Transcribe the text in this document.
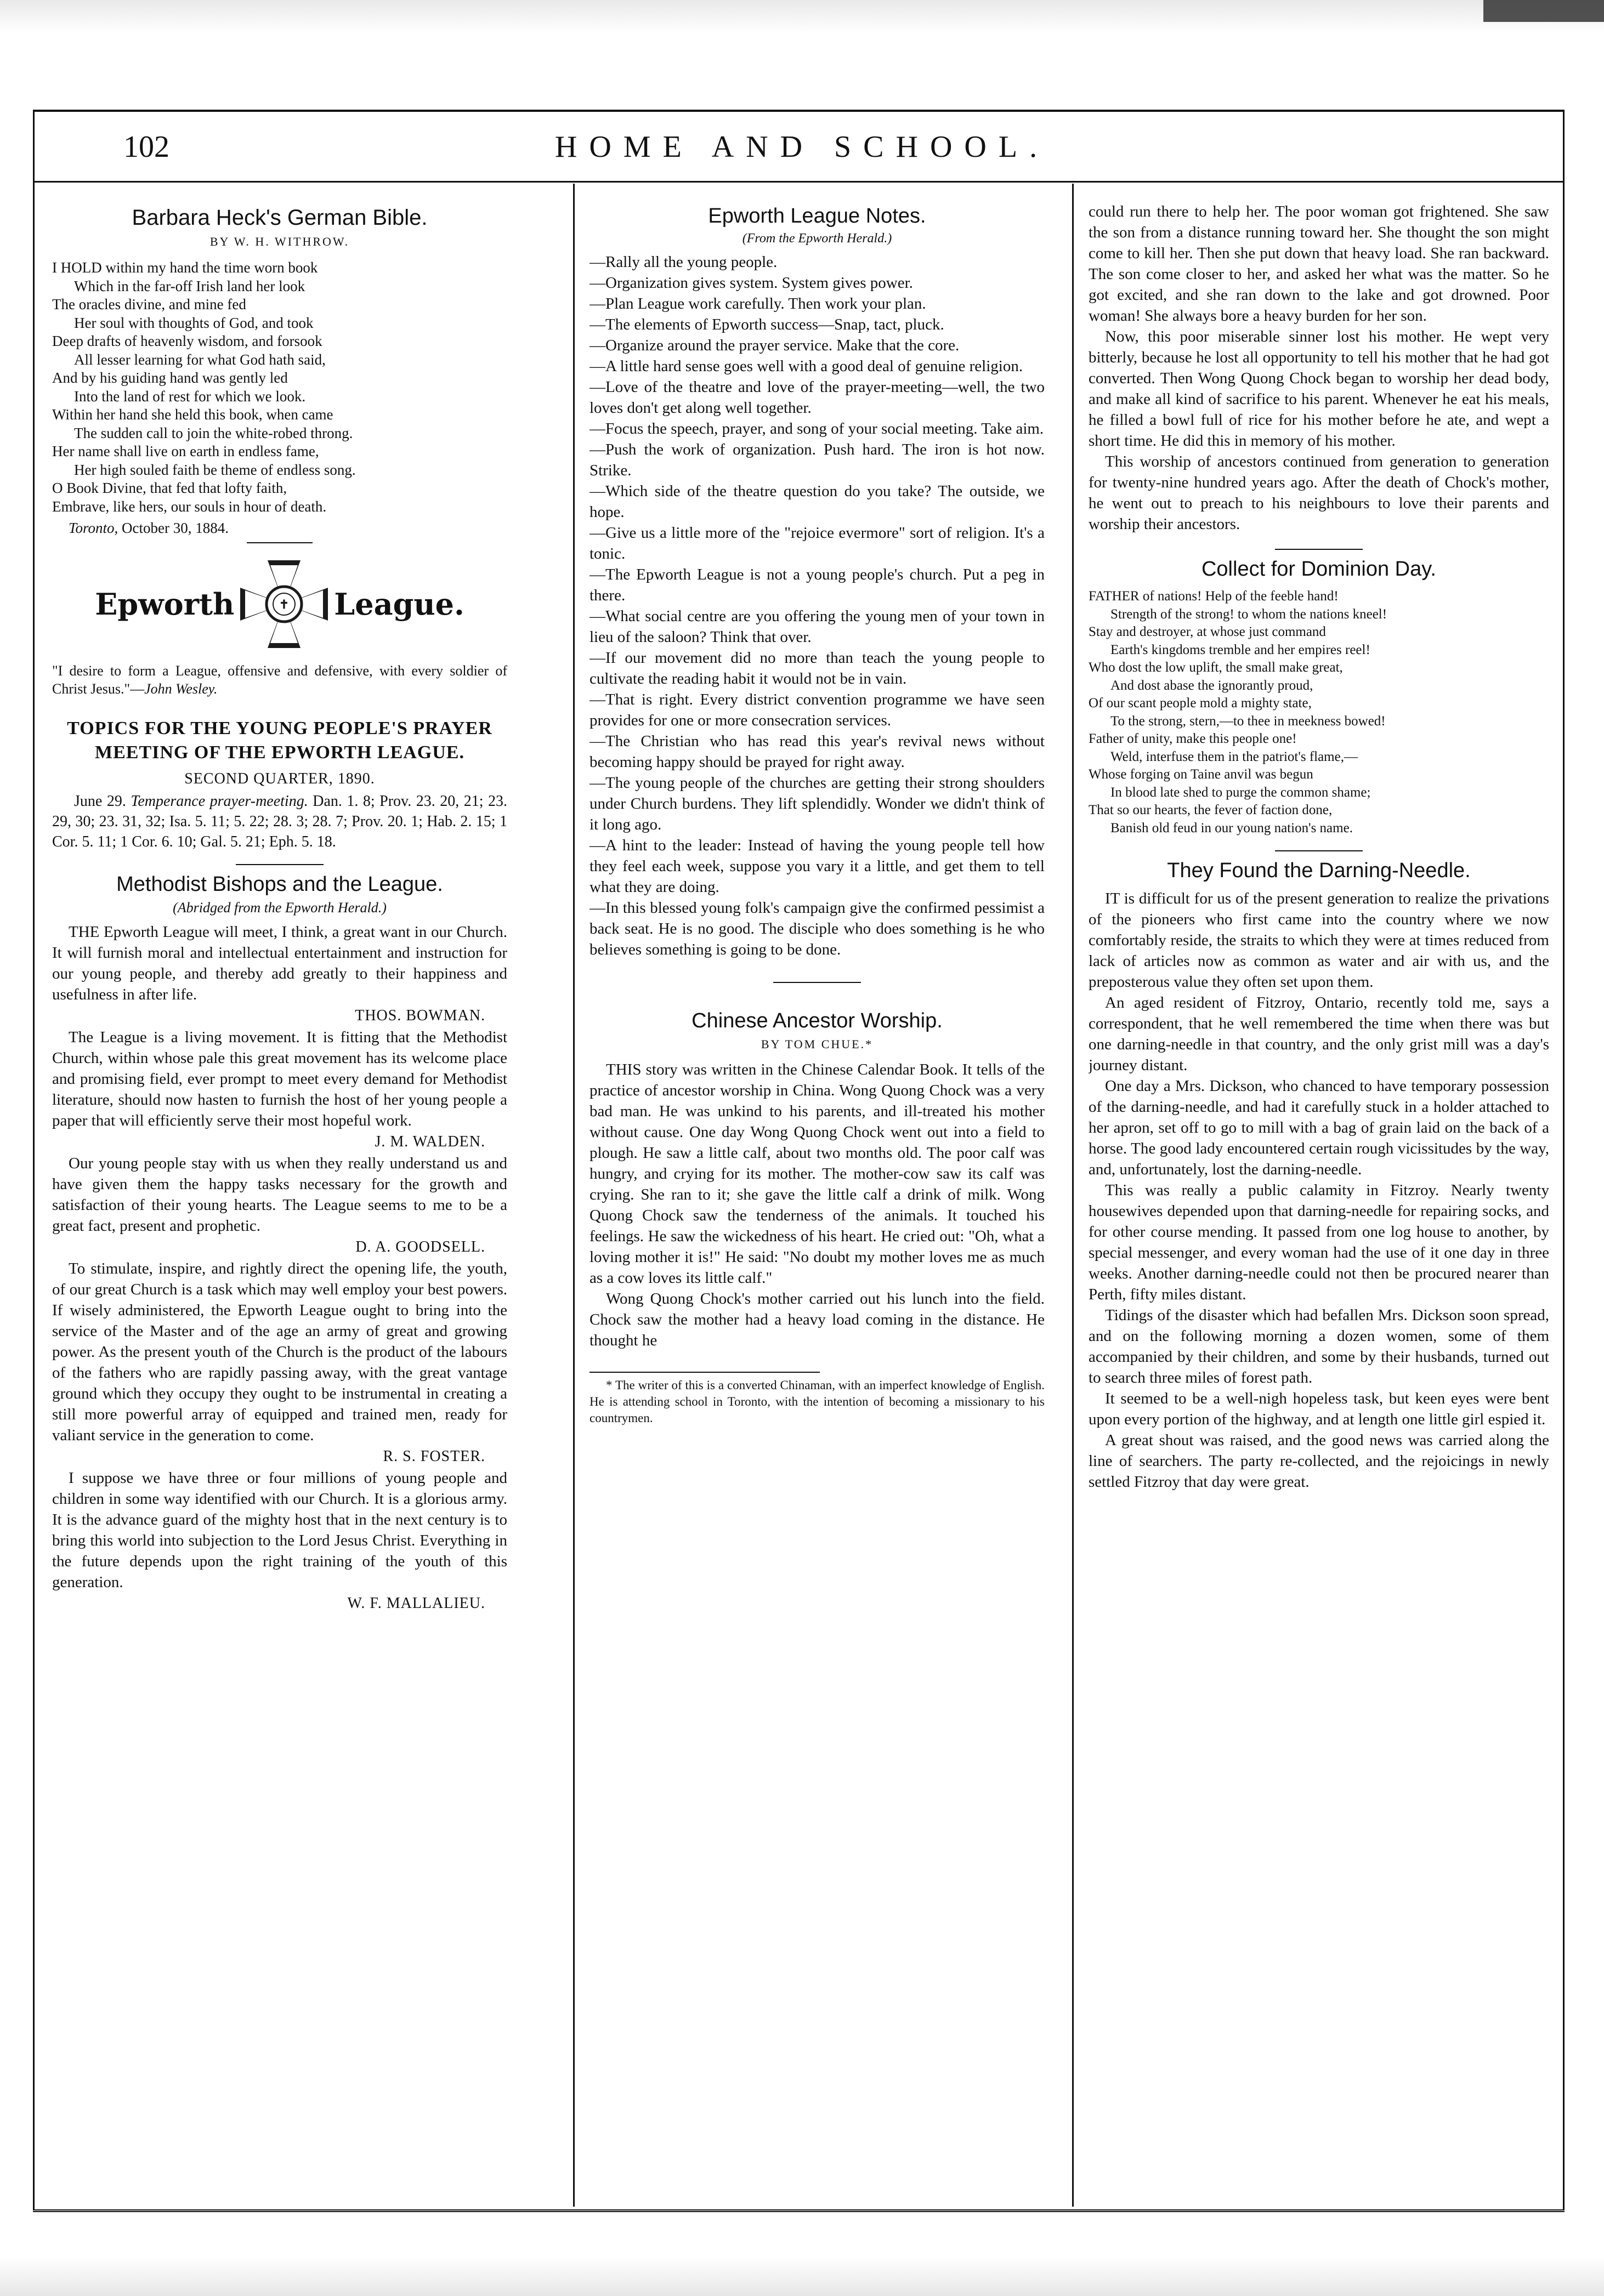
HOME AND SCHOOL.
102
Barbara Heck's German Bible.
BY W. H. WITHROW.
I HOLD within my hand the time worn book
Which in the far-off Irish land her look
The oracles divine, and mine fed
Her soul with thoughts of God, and took
Deep drafts of heavenly wisdom, and forsook
All lesser learning for what God hath said,
And by his guiding hand was gently led
Into the land of rest for which we look.
Within her hand she held this book, when came
The sudden call to join the white-robed throng.
Her name shall live on earth in endless fame,
Her high souled faith be theme of endless song.
O Book Divine, that fed that lofty faith,
Embrave, like hers, our souls in hour of death.
Toronto, October 30, 1884.
Epworth	✝ League.

"I desire to form a League, offensive and defensive, with every soldier of Christ Jesus."—John Wesley.

TOPICS FOR THE YOUNG PEOPLE'S PRAYER
MEETING OF THE EPWORTH LEAGUE.
SECOND QUARTER, 1890.
June 29. Temperance prayer-meeting. Dan. 1. 8; Prov. 23. 20, 21; 23. 29, 30; 23. 31, 32; Isa. 5. 11; 5. 22; 28. 3; 28. 7; Prov. 20. 1; Hab. 2. 15; 1 Cor. 5. 11; 1 Cor. 6. 10; Gal. 5. 21; Eph. 5. 18.
Methodist Bishops and the League.
(Abridged from the Epworth Herald.)

THE Epworth League will meet, I think, a great want in our Church. It will furnish moral and intellectual entertainment and instruction for our young people, and thereby add greatly to their happiness and usefulness in after life.

THOS. BOWMAN.

The League is a living movement. It is fitting that the Methodist Church, within whose pale this great movement has its welcome place and promising field, ever prompt to meet every demand for Methodist literature, should now hasten to furnish the host of her young people a paper that will efficiently serve their most hopeful work.

J. M. WALDEN.

Our young people stay with us when they really understand us and have given them the happy tasks necessary for the growth and satisfaction of their young hearts. The League seems to me to be a great fact, present and prophetic.

D. A. GOODSELL.

To stimulate, inspire, and rightly direct the opening life, the youth, of our great Church is a task which may well employ your best powers. If wisely administered, the Epworth League ought to bring into the service of the Master and of the age an army of great and growing power. As the present youth of the Church is the product of the labours of the fathers who are rapidly passing away, with the great vantage ground which they occupy they ought to be instrumental in creating a still more powerful array of equipped and trained men, ready for valiant service in the generation to come.

R. S. FOSTER.

I suppose we have three or four millions of young people and children in some way identified with our Church. It is a glorious army. It is the advance guard of the mighty host that in the next century is to bring this world into subjection to the Lord Jesus Christ. Everything in the future depends upon the right training of the youth of this generation.

W. F. MALLALIEU.
Epworth League Notes.
(From the Epworth Herald.)

—Rally all the young people.

—Organization gives system. System gives power.

—Plan League work carefully. Then work your plan.

—The elements of Epworth success—Snap, tact, pluck.

—Organize around the prayer service. Make that the core.

—A little hard sense goes well with a good deal of genuine religion.

—Love of the theatre and love of the prayer-meeting—well, the two loves don't get along well together.

—Focus the speech, prayer, and song of your social meeting. Take aim.

—Push the work of organization. Push hard. The iron is hot now. Strike.

—Which side of the theatre question do you take? The outside, we hope.

—Give us a little more of the "rejoice evermore" sort of religion. It's a tonic.

—The Epworth League is not a young people's church. Put a peg in there.

—What social centre are you offering the young men of your town in lieu of the saloon? Think that over.

—If our movement did no more than teach the young people to cultivate the reading habit it would not be in vain.

—That is right. Every district convention programme we have seen provides for one or more consecration services.

—The Christian who has read this year's revival news without becoming happy should be prayed for right away.

—The young people of the churches are getting their strong shoulders under Church burdens. They lift splendidly. Wonder we didn't think of it long ago.

—A hint to the leader: Instead of having the young people tell how they feel each week, suppose you vary it a little, and get them to tell what they are doing.

—In this blessed young folk's campaign give the confirmed pessimist a back seat. He is no good. The disciple who does something is he who believes something is going to be done.

Chinese Ancestor Worship.
BY TOM CHUE.*

THIS story was written in the Chinese Calendar Book. It tells of the practice of ancestor worship in China. Wong Quong Chock was a very bad man. He was unkind to his parents, and ill-treated his mother without cause. One day Wong Quong Chock went out into a field to plough. He saw a little calf, about two months old. The poor calf was hungry, and crying for its mother. The mother-cow saw its calf was crying. She ran to it; she gave the little calf a drink of milk. Wong Quong Chock saw the tenderness of the animals. It touched his feelings. He saw the wickedness of his heart. He cried out: "Oh, what a loving mother it is!" He said: "No doubt my mother loves me as much as a cow loves its little calf."

Wong Quong Chock's mother carried out his lunch into the field. Chock saw the mother had a heavy load coming in the distance. He thought he

* The writer of this is a converted Chinaman, with an imperfect knowledge of English. He is attending school in Toronto, with the intention of becoming a missionary to his countrymen.

could run there to help her. The poor woman got frightened. She saw the son from a distance running toward her. She thought the son might come to kill her. Then she put down that heavy load. She ran backward. The son come closer to her, and asked her what was the matter. So he got excited, and she ran down to the lake and got drowned. Poor woman! She always bore a heavy burden for her son.

Now, this poor miserable sinner lost his mother. He wept very bitterly, because he lost all opportunity to tell his mother that he had got converted. Then Wong Quong Chock began to worship her dead body, and make all kind of sacrifice to his parent. Whenever he eat his meals, he filled a bowl full of rice for his mother before he ate, and wept a short time. He did this in memory of his mother.

This worship of ancestors continued from generation to generation for twenty-nine hundred years ago. After the death of Chock's mother, he went out to preach to his neighbours to love their parents and worship their ancestors.

Collect for Dominion Day.
FATHER of nations! Help of the feeble hand!
Strength of the strong! to whom the nations kneel!
Stay and destroyer, at whose just command
Earth's kingdoms tremble and her empires reel!
Who dost the low uplift, the small make great,
And dost abase the ignorantly proud,
Of our scant people mold a mighty state,
To the strong, stern,—to thee in meekness bowed!
Father of unity, make this people one!
Weld, interfuse them in the patriot's flame,—
Whose forging on Taine anvil was begun
In blood late shed to purge the common shame;
That so our hearts, the fever of faction done,
Banish old feud in our young nation's name.
They Found the Darning-Needle.

IT is difficult for us of the present generation to realize the privations of the pioneers who first came into the country where we now comfortably reside, the straits to which they were at times reduced from lack of articles now as common as water and air with us, and the preposterous value they often set upon them.

An aged resident of Fitzroy, Ontario, recently told me, says a correspondent, that he well remembered the time when there was but one darning-needle in that country, and the only grist mill was a day's journey distant.

One day a Mrs. Dickson, who chanced to have temporary possession of the darning-needle, and had it carefully stuck in a holder attached to her apron, set off to go to mill with a bag of grain laid on the back of a horse. The good lady encountered certain rough vicissitudes by the way, and, unfortunately, lost the darning-needle.

This was really a public calamity in Fitzroy. Nearly twenty housewives depended upon that darning-needle for repairing socks, and for other course mending. It passed from one log house to another, by special messenger, and every woman had the use of it one day in three weeks. Another darning-needle could not then be procured nearer than Perth, fifty miles distant.

Tidings of the disaster which had befallen Mrs. Dickson soon spread, and on the following morning a dozen women, some of them accompanied by their children, and some by their husbands, turned out to search three miles of forest path.

It seemed to be a well-nigh hopeless task, but keen eyes were bent upon every portion of the highway, and at length one little girl espied it.

A great shout was raised, and the good news was carried along the line of searchers. The party re-collected, and the rejoicings in newly settled Fitzroy that day were great.
